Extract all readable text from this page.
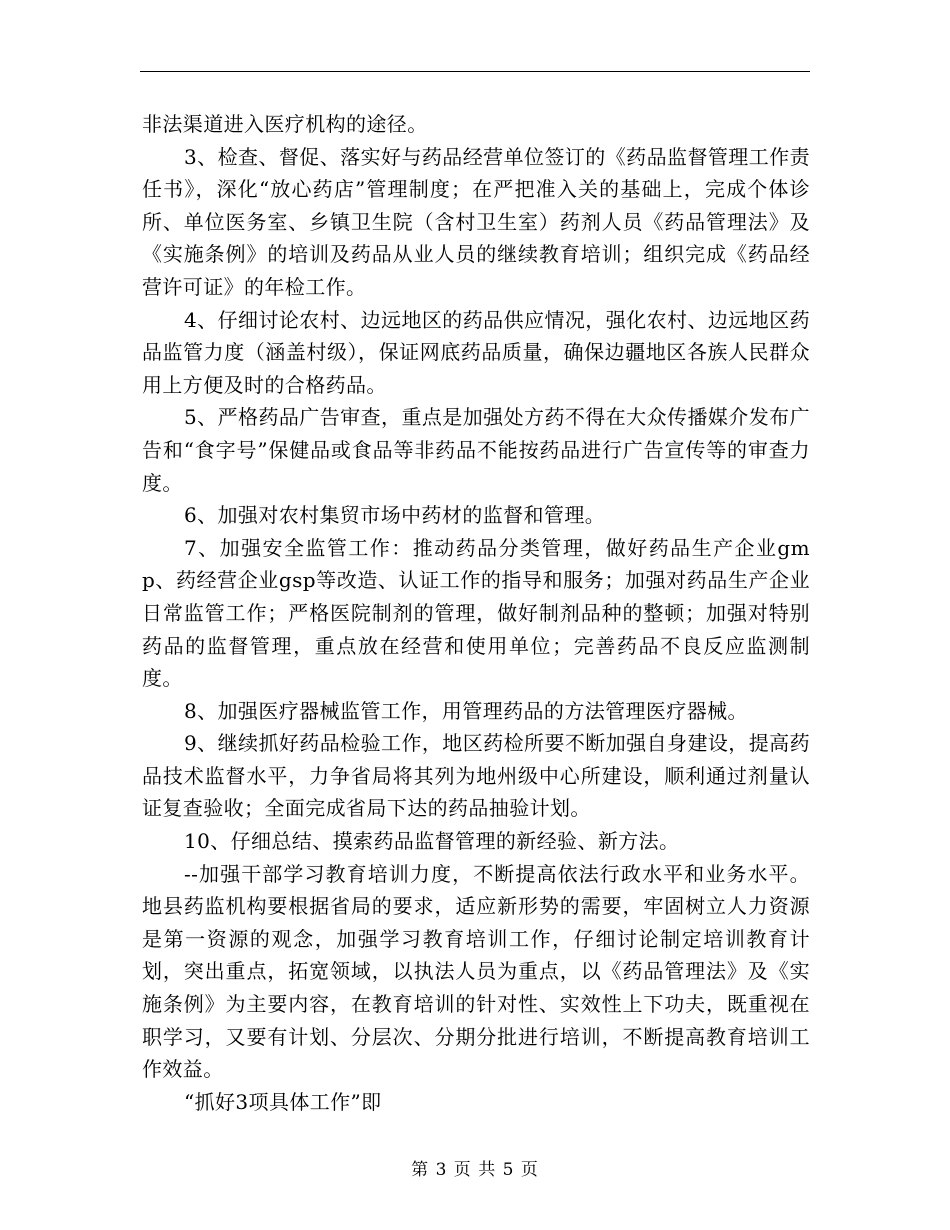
非法渠道进入医疗机构的途径。

3、检查、督促、落实好与药品经营单位签订的《药品监督管理工作责任书》，深化“放心药店”管理制度；在严把准入关的基础上，完成个体诊所、单位医务室、乡镇卫生院（含村卫生室）药剂人员《药品管理法》及《实施条例》的培训及药品从业人员的继续教育培训；组织完成《药品经营许可证》的年检工作。

4、仔细讨论农村、边远地区的药品供应情况，强化农村、边远地区药品监管力度（涵盖村级），保证网底药品质量，确保边疆地区各族人民群众用上方便及时的合格药品。

5、严格药品广告审查，重点是加强处方药不得在大众传播媒介发布广告和“食字号”保健品或食品等非药品不能按药品进行广告宣传等的审查力度。

6、加强对农村集贸市场中药材的监督和管理。

7、加强安全监管工作：推动药品分类管理，做好药品生产企业gmp、药经营企业gsp等改造、认证工作的指导和服务；加强对药品生产企业日常监管工作；严格医院制剂的管理，做好制剂品种的整顿；加强对特别药品的监督管理，重点放在经营和使用单位；完善药品不良反应监测制度。

8、加强医疗器械监管工作，用管理药品的方法管理医疗器械。

9、继续抓好药品检验工作，地区药检所要不断加强自身建设，提高药品技术监督水平，力争省局将其列为地州级中心所建设，顺利通过剂量认证复查验收；全面完成省局下达的药品抽验计划。

10、仔细总结、摸索药品监督管理的新经验、新方法。

--加强干部学习教育培训力度，不断提高依法行政水平和业务水平。地县药监机构要根据省局的要求，适应新形势的需要，牢固树立人力资源是第一资源的观念，加强学习教育培训工作，仔细讨论制定培训教育计划，突出重点，拓宽领域，以执法人员为重点，以《药品管理法》及《实施条例》为主要内容，在教育培训的针对性、实效性上下功夫，既重视在职学习，又要有计划、分层次、分期分批进行培训，不断提高教育培训工作效益。

“抓好3项具体工作”即

第 3 页 共 5 页
